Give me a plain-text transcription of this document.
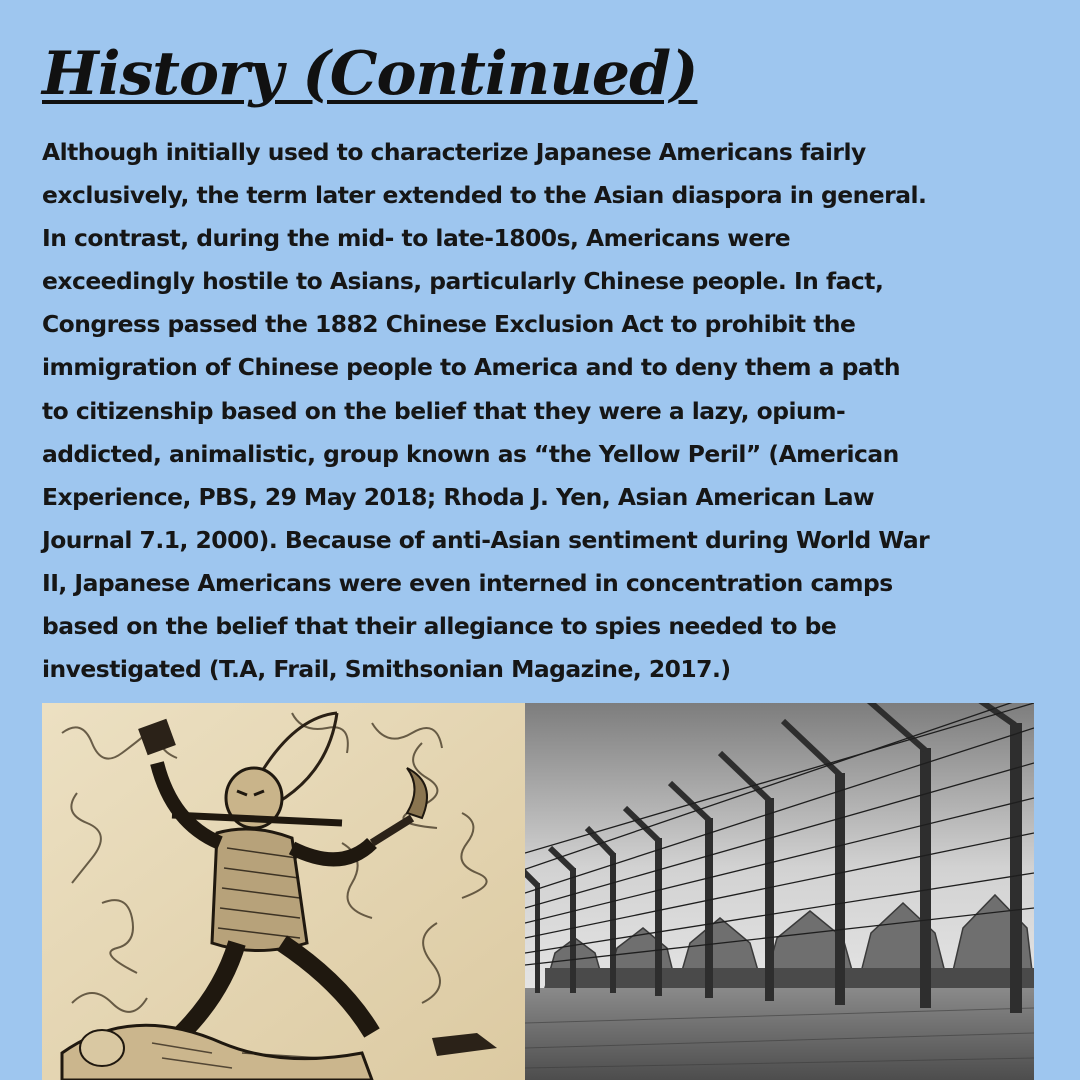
History (Continued)
Although initially used to characterize Japanese Americans fairly
exclusively, the term later extended to the Asian diaspora in general.
In contrast, during the mid- to late-1800s, Americans were
exceedingly hostile to Asians, particularly Chinese people. In fact,
Congress passed the 1882 Chinese Exclusion Act to prohibit the
immigration of Chinese people to America and to deny them a path
to citizenship based on the belief that they were a lazy, opium-
addicted, animalistic, group known as “the Yellow Peril” (American
Experience, PBS, 29 May 2018; Rhoda J. Yen, Asian American Law
Journal 7.1, 2000). Because of anti-Asian sentiment during World War
II, Japanese Americans were even interned in concentration camps
based on the belief that their allegiance to spies needed to be
investigated (T.A, Frail, Smithsonian Magazine, 2017.)
